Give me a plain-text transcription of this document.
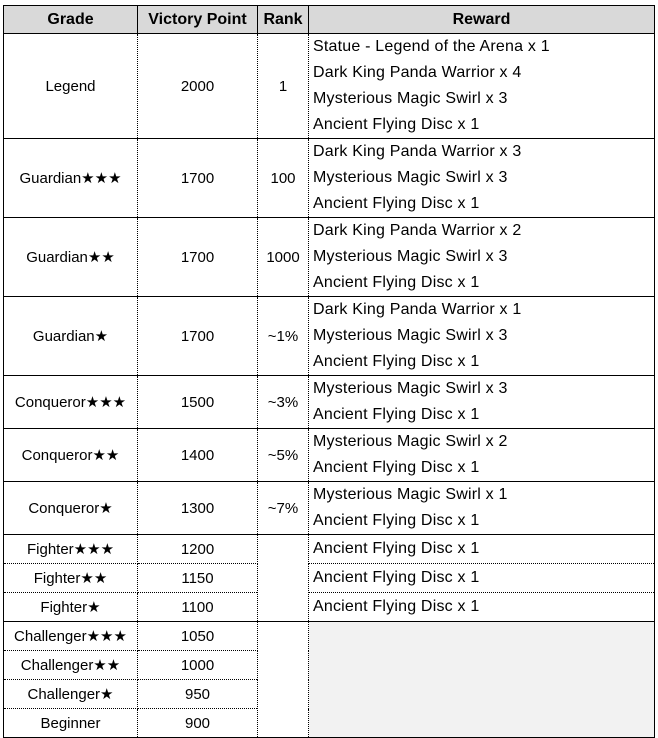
Grade	Victory Point	Rank	Reward
Legend	2000	1	Statue - Legend of the Arena x 1
Dark King Panda Warrior x 4
Mysterious Magic Swirl x 3
Ancient Flying Disc x 1

Guardian★★★	1700	100	Dark King Panda Warrior x 3
Mysterious Magic Swirl x 3
Ancient Flying Disc x 1

Guardian★★	1700	1000	Dark King Panda Warrior x 2
Mysterious Magic Swirl x 3
Ancient Flying Disc x 1

Guardian★	1700	~1%	Dark King Panda Warrior x 1
Mysterious Magic Swirl x 3
Ancient Flying Disc x 1

Conqueror★★★	1500	~3%	Mysterious Magic Swirl x 3
Ancient Flying Disc x 1

Conqueror★★	1400	~5%	Mysterious Magic Swirl x 2
Ancient Flying Disc x 1

Conqueror★	1300	~7%	Mysterious Magic Swirl x 1
Ancient Flying Disc x 1

Fighter★★★	1200		Ancient Flying Disc x 1
Fighter★★	1150		Ancient Flying Disc x 1
Fighter★	1100		Ancient Flying Disc x 1
Challenger★★★	1050		
Challenger★★	1000		
Challenger★	950		
Beginner	900		
